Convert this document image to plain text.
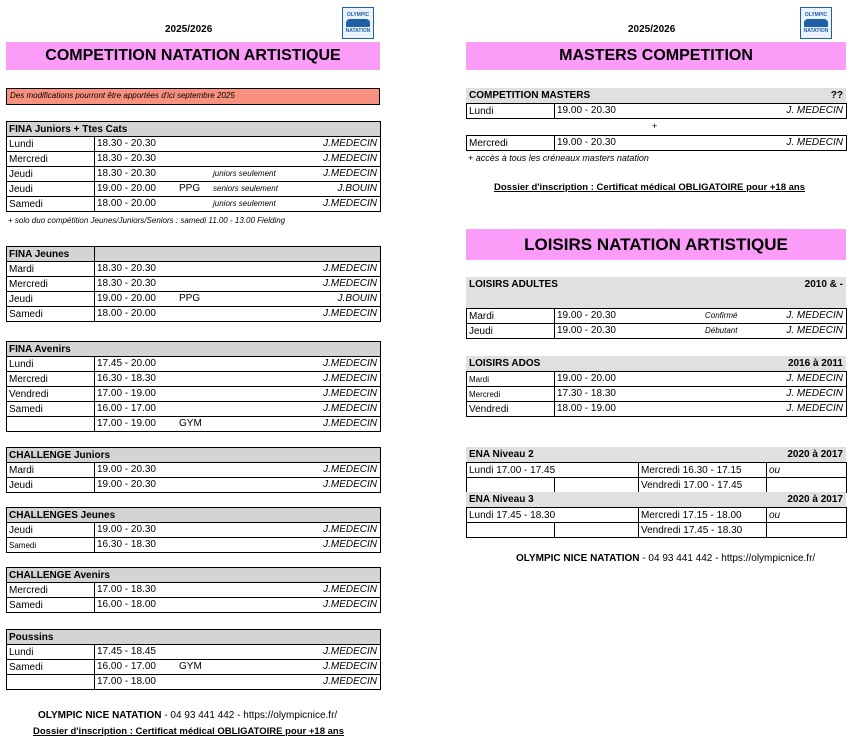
2025/2026
OLYMPIC
NATATION
COMPETITION NATATION ARTISTIQUE
Des modifications pourront être apportées d'ici septembre 2025
FINA Juniors + Ttes Cats	
Lundi	18.30 - 20.30 J.MEDECIN

Mercredi	18.30 - 20.30 J.MEDECIN

Jeudi	18.30 - 20.30 juniors seulement J.MEDECIN

Jeudi	19.00 - 20.00 PPG seniors seulement J.BOUIN

Samedi	18.00 - 20.00 juniors seulement J.MEDECIN
+ solo duo compétition Jeunes/Juniors/Seniors : samedi 11.00 - 13.00 Fielding
FINA Jeunes	
Mardi	18.30 - 20.30 J.MEDECIN

Mercredi	18.30 - 20.30 J.MEDECIN

Jeudi	19.00 - 20.00 PPG J.BOUIN

Samedi	18.00 - 20.00 J.MEDECIN
FINA Avenirs	
Lundi	17.45 - 20.00 J.MEDECIN

Mercredi	16.30 - 18.30 J.MEDECIN

Vendredi	17.00 - 19.00 J.MEDECIN

Samedi	16.00 - 17.00 J.MEDECIN

	17.00 - 19.00 GYM J.MEDECIN
CHALLENGE Juniors	
Mardi	19.00 - 20.30 J.MEDECIN

Jeudi	19.00 - 20.30 J.MEDECIN
CHALLENGES Jeunes	
Jeudi	19.00 - 20.30 J.MEDECIN

Samedi	16.30 - 18.30 J.MEDECIN
CHALLENGE Avenirs	
Mercredi	17.00 - 18.30 J.MEDECIN

Samedi	16.00 - 18.00 J.MEDECIN
Poussins	
Lundi	17.45 - 18.45 J.MEDECIN

Samedi	16.00 - 17.00 GYM J.MEDECIN

	17.00 - 18.00 J.MEDECIN
OLYMPIC NICE NATATION - 04 93 441 442 - https://olympicnice.fr/
Dossier d'inscription : Certificat médical OBLIGATOIRE pour +18 ans
2025/2026
OLYMPIC
NATATION
MASTERS COMPETITION
COMPETITION MASTERS	??
Lundi	19.00 - 20.30	J. MEDECIN
+
Mercredi	19.00 - 20.30	J. MEDECIN
+ accès à tous les créneaux masters natation
Dossier d'inscription : Certificat médical OBLIGATOIRE pour +18 ans
LOISIRS NATATION ARTISTIQUE
LOISIRS ADULTES	2010 & -
Mardi	19.00 - 20.30 Confirmé J. MEDECIN

Jeudi	19.00 - 20.30 Débutant J. MEDECIN
LOISIRS ADOS	2016 à 2011
Mardi	19.00 - 20.00 J. MEDECIN

Mercredi	17.30 - 18.30 J. MEDECIN

Vendredi	18.00 - 19.00 J. MEDECIN
ENA Niveau 2	2020 à 2017
Lundi 17.00 - 17.45		Mercredi 16.30 - 17.15	ou
		Vendredi 17.00 - 17.45	
ENA Niveau 3	2020 à 2017
Lundi 17.45 - 18.30		Mercredi 17.15 - 18.00	ou
		Vendredi 17.45 - 18.30	
OLYMPIC NICE NATATION - 04 93 441 442 - https://olympicnice.fr/
